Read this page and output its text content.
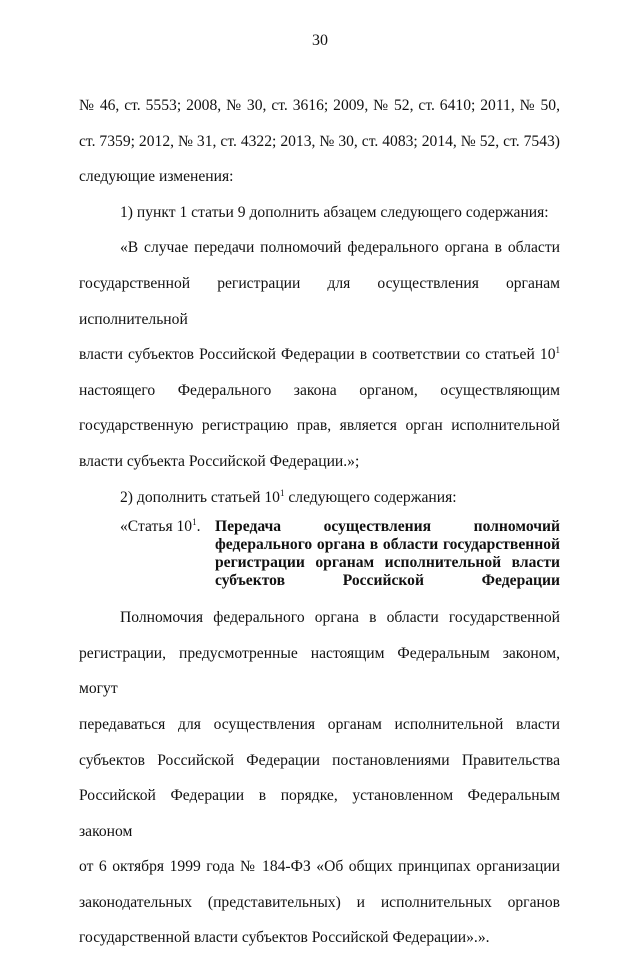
30

№ 46, ст. 5553; 2008, № 30, ст. 3616; 2009, № 52, ст. 6410; 2011, № 50,

ст. 7359; 2012, № 31, ст. 4322; 2013, № 30, ст. 4083; 2014, № 52, ст. 7543)

следующие изменения:

1) пункт 1 статьи 9 дополнить абзацем следующего содержания:

«В случае передачи полномочий федерального органа в области

государственной регистрации для осуществления органам исполнительной

власти субъектов Российской Федерации в соответствии со статьей $10^1$

настоящего Федерального закона органом, осуществляющим

государственную регистрацию прав, является орган исполнительной

власти субъекта Российской Федерации.»;

2) дополнить статьей $10^1$ следующего содержания:

«Статья $10^1$. Передача осуществления полномочий федерального органа в области государственной регистрации органам исполнительной власти субъектов Российской Федерации

Полномочия федерального органа в области государственной

регистрации, предусмотренные настоящим Федеральным законом, могут

передаваться для осуществления органам исполнительной власти

субъектов Российской Федерации постановлениями Правительства

Российской Федерации в порядке, установленном Федеральным законом

от 6 октября 1999 года № 184-ФЗ «Об общих принципах организации

законодательных (представительных) и исполнительных органов

государственной власти субъектов Российской Федерации».».
